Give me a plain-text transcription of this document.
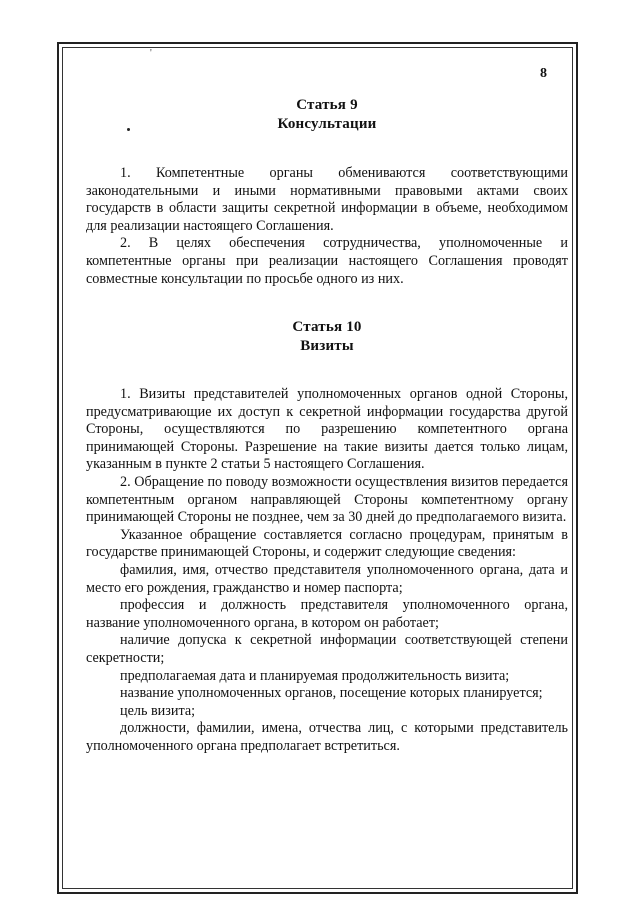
8
'
Статья 9
Консультации

1. Компетентные органы обмениваются соответствующими законодательными и иными нормативными правовыми актами своих государств в области защиты секретной информации в объеме, необходимом для реализации настоящего Соглашения.

2. В целях обеспечения сотрудничества, уполномоченные и компетентные органы при реализации настоящего Соглашения проводят совместные консультации по просьбе одного из них.

Статья 10
Визиты

1. Визиты представителей уполномоченных органов одной Стороны, предусматривающие их доступ к секретной информации государства другой Стороны, осуществляются по разрешению компетентного органа принимающей Стороны. Разрешение на такие визиты дается только лицам, указанным в пункте 2 статьи 5 настоящего Соглашения.

2. Обращение по поводу возможности осуществления визитов передается компетентным органом направляющей Стороны компетентному органу принимающей Стороны не позднее, чем за 30 дней до предполагаемого визита.

Указанное обращение составляется согласно процедурам, принятым в государстве принимающей Стороны, и содержит следующие сведения:

фамилия, имя, отчество представителя уполномоченного органа, дата и место его рождения, гражданство и номер паспорта;

профессия и должность представителя уполномоченного органа, название уполномоченного органа, в котором он работает;

наличие допуска к секретной информации соответствующей степени секретности;

предполагаемая дата и планируемая продолжительность визита;

название уполномоченных органов, посещение которых планируется;

цель визита;

должности, фамилии, имена, отчества лиц, с которыми представитель уполномоченного органа предполагает встретиться.
